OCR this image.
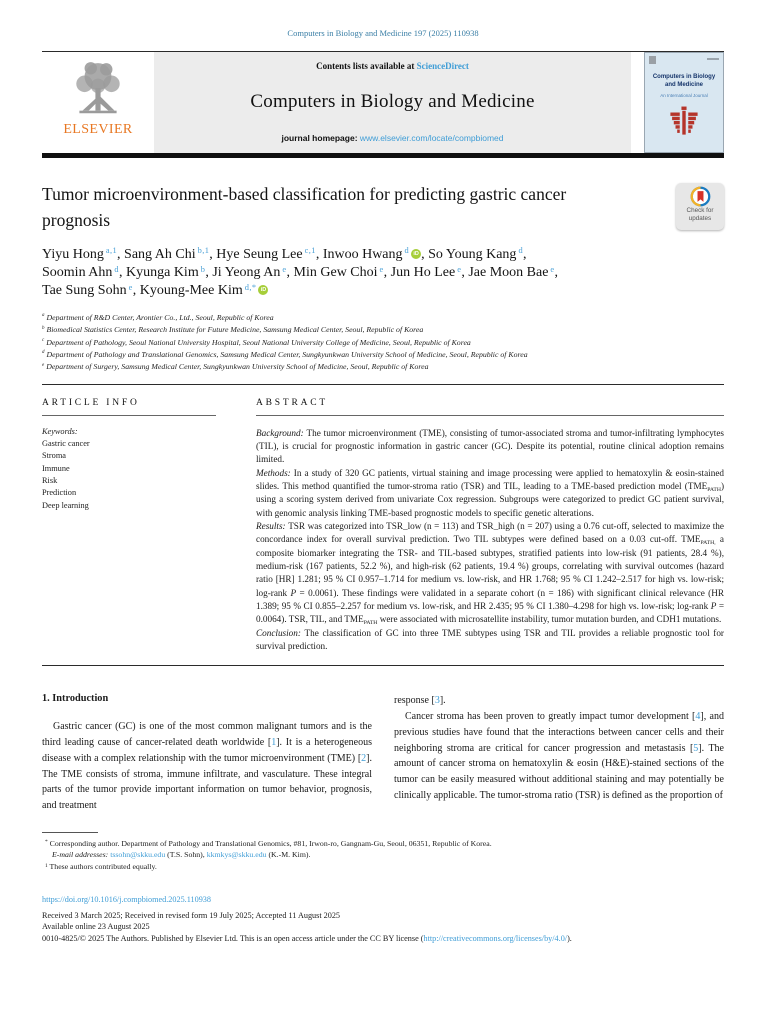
Computers in Biology and Medicine 197 (2025) 110938
ELSEVIER
Contents lists available at ScienceDirect
Computers in Biology and Medicine
journal homepage: www.elsevier.com/locate/compbiomed
Computers in Biology and Medicine
An International Journal
Tumor microenvironment-based classification for predicting gastric cancer prognosis	Check for
updates
Yiyu Hong $^{a,1}$, Sang Ah Chi $^{b,1}$, Hye Seung Lee $^{c,1}$, Inwoo Hwang $^d$ iD , So Young Kang $^d$,
Soomin Ahn $^d$, Kyunga Kim $^b$, Ji Yeong An $^e$, Min Gew Choi $^e$, Jun Ho Lee $^e$, Jae Moon Bae $^e$,
Tae Sung Sohn $^e$, Kyoung-Mee Kim $^{d,*}$iD
$^a$ Department of R&D Center, Arontier Co., Ltd., Seoul, Republic of Korea
$^b$ Biomedical Statistics Center, Research Institute for Future Medicine, Samsung Medical Center, Seoul, Republic of Korea
$^c$ Department of Pathology, Seoul National University Hospital, Seoul National University College of Medicine, Seoul, Republic of Korea
$^d$ Department of Pathology and Translational Genomics, Samsung Medical Center, Sungkyunkwan University School of Medicine, Seoul, Republic of Korea
$^e$ Department of Surgery, Samsung Medical Center, Sungkyunkwan University School of Medicine, Seoul, Republic of Korea
ARTICLE INFO
Keywords:
Gastric cancer
Stroma
Immune
Risk
Prediction
Deep learning
ABSTRACT

Background: The tumor microenvironment (TME), consisting of tumor-associated stroma and tumor-infiltrating lymphocytes (TIL), is crucial for prognostic information in gastric cancer (GC). Despite its potential, routine clinical adoption remains limited.

Methods: In a study of 320 GC patients, virtual staining and image processing were applied to hematoxylin & eosin-stained slides. This method quantified the tumor-stroma ratio (TSR) and TIL, leading to a TME-based prediction model (TMEPATH) using a scoring system derived from univariate Cox regression. Subgroups were categorized to predict GC patient survival, with genomic analysis linking TME-based prognostic models to specific genetic alterations.

Results: TSR was categorized into TSR_low (n = 113) and TSR_high (n = 207) using a 0.76 cut-off, selected to maximize the concordance index for overall survival prediction. Two TIL subtypes were defined based on a 0.03 cut-off. TMEPATH, a composite biomarker integrating the TSR- and TIL-based subtypes, stratified patients into low-risk (91 patients, 28.4 %), medium-risk (167 patients, 52.2 %), and high-risk (62 patients, 19.4 %) groups, correlating with survival outcomes (hazard ratio [HR] 1.281; 95 % CI 0.957–1.714 for medium vs. low-risk, and HR 1.768; 95 % CI 1.242–2.517 for high vs. low-risk; log-rank P = 0.0061). These findings were validated in a separate cohort (n = 186) with significant clinical relevance (HR 1.389; 95 % CI 0.855–2.257 for medium vs. low-risk, and HR 2.435; 95 % CI 1.380–4.298 for high vs. low-risk; log-rank P = 0.0064). TSR, TIL, and TMEPATH were associated with microsatellite instability, tumor mutation burden, and CDH1 mutations.

Conclusion: The classification of GC into three TME subtypes using TSR and TIL provides a reliable prognostic tool for survival prediction.

1. Introduction

Gastric cancer (GC) is one of the most common malignant tumors and is the third leading cause of cancer-related death worldwide [1]. It is a heterogeneous disease with a complex relationship with the tumor microenvironment (TME) [2]. The TME consists of stroma, immune infiltrate, and vasculature. These integral parts of the tumor provide important information on tumor behavior, prognosis, and treatment

response [3].

Cancer stroma has been proven to greatly impact tumor development [4], and previous studies have found that the interactions between cancer cells and their neighboring stroma are critical for cancer progression and metastasis [5]. The amount of cancer stroma on hematoxylin & eosin (H&E)-stained sections of the tumor can be easily measured without additional staining and may potentially be clinically applicable. The tumor-stroma ratio (TSR) is defined as the proportion of

* Corresponding author. Department of Pathology and Translational Genomics, #81, Irwon-ro, Gangnam-Gu, Seoul, 06351, Republic of Korea.

E-mail addresses: tssohn@skku.edu (T.S. Sohn), kkmkys@skku.edu (K.-M. Kim).

$^1$ These authors contributed equally.

https://doi.org/10.1016/j.compbiomed.2025.110938
Received 3 March 2025; Received in revised form 19 July 2025; Accepted 11 August 2025
Available online 23 August 2025
0010-4825/© 2025 The Authors. Published by Elsevier Ltd. This is an open access article under the CC BY license (http://creativecommons.org/licenses/by/4.0/).
